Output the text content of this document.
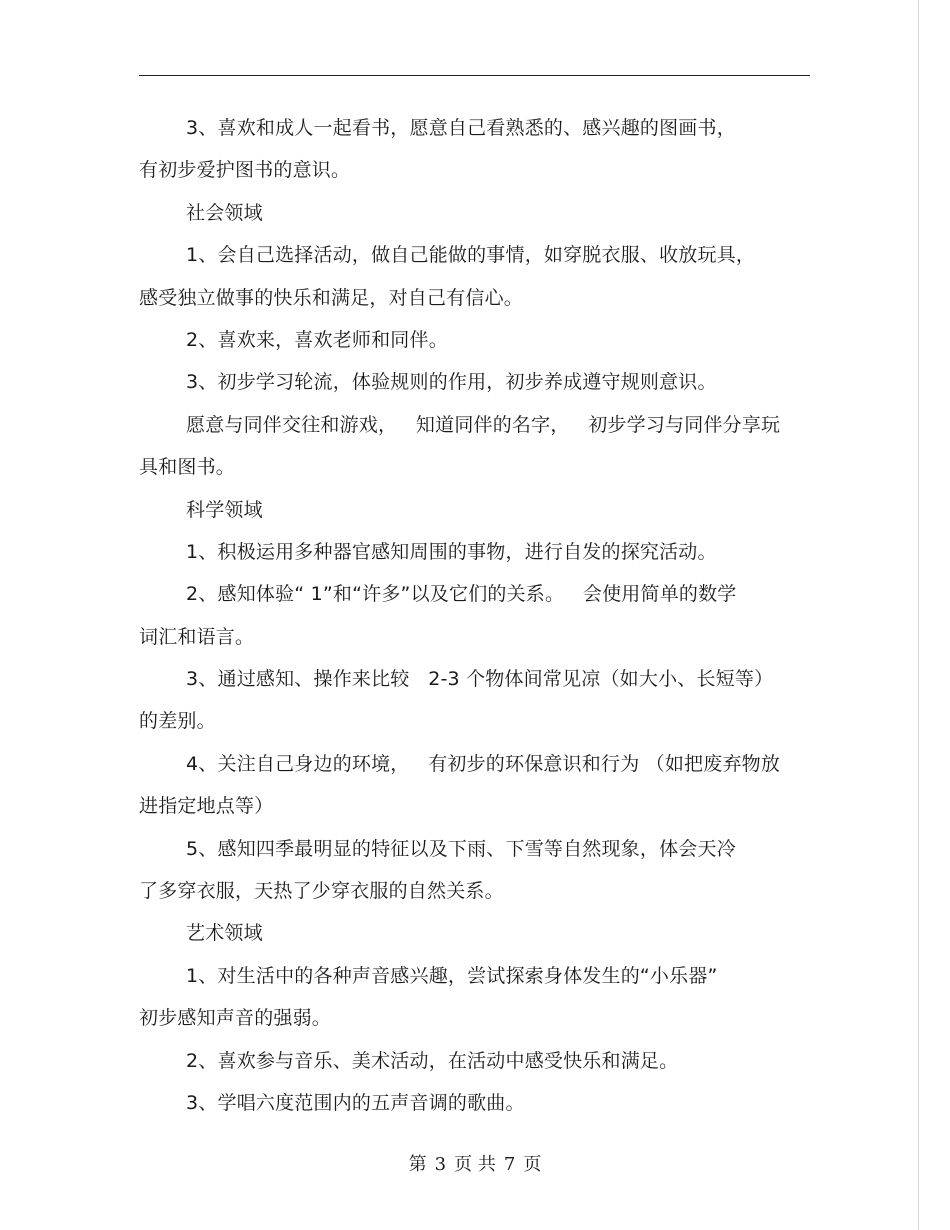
3、喜欢和成人一起看书，愿意自己看熟悉的、感兴趣的图画书，
有初步爱护图书的意识。
社会领域
1、会自己选择活动，做自己能做的事情，如穿脱衣服、收放玩具，
感受独立做事的快乐和满足，对自己有信心。
2、喜欢来，喜欢老师和同伴。
3、初步学习轮流，体验规则的作用，初步养成遵守规则意识。
愿意与同伴交往和游戏，   知道同伴的名字，   初步学习与同伴分享玩
具和图书。
科学领域
1、积极运用多种器官感知周围的事物，进行自发的探究活动。
2、感知体验“ 1”和“许多”以及它们的关系。   会使用简单的数学
词汇和语言。
3、通过感知、操作来比较   2-3 个物体间常见凉（如大小、长短等）
的差别。
4、关注自己身边的环境，   有初步的环保意识和行为 （如把废弃物放
进指定地点等）
5、感知四季最明显的特征以及下雨、下雪等自然现象，体会天冷
了多穿衣服，天热了少穿衣服的自然关系。
艺术领域
1、对生活中的各种声音感兴趣，尝试探索身体发生的“小乐器”
初步感知声音的强弱。
2、喜欢参与音乐、美术活动，在活动中感受快乐和满足。
3、学唱六度范围内的五声音调的歌曲。
第 3 页 共 7 页
